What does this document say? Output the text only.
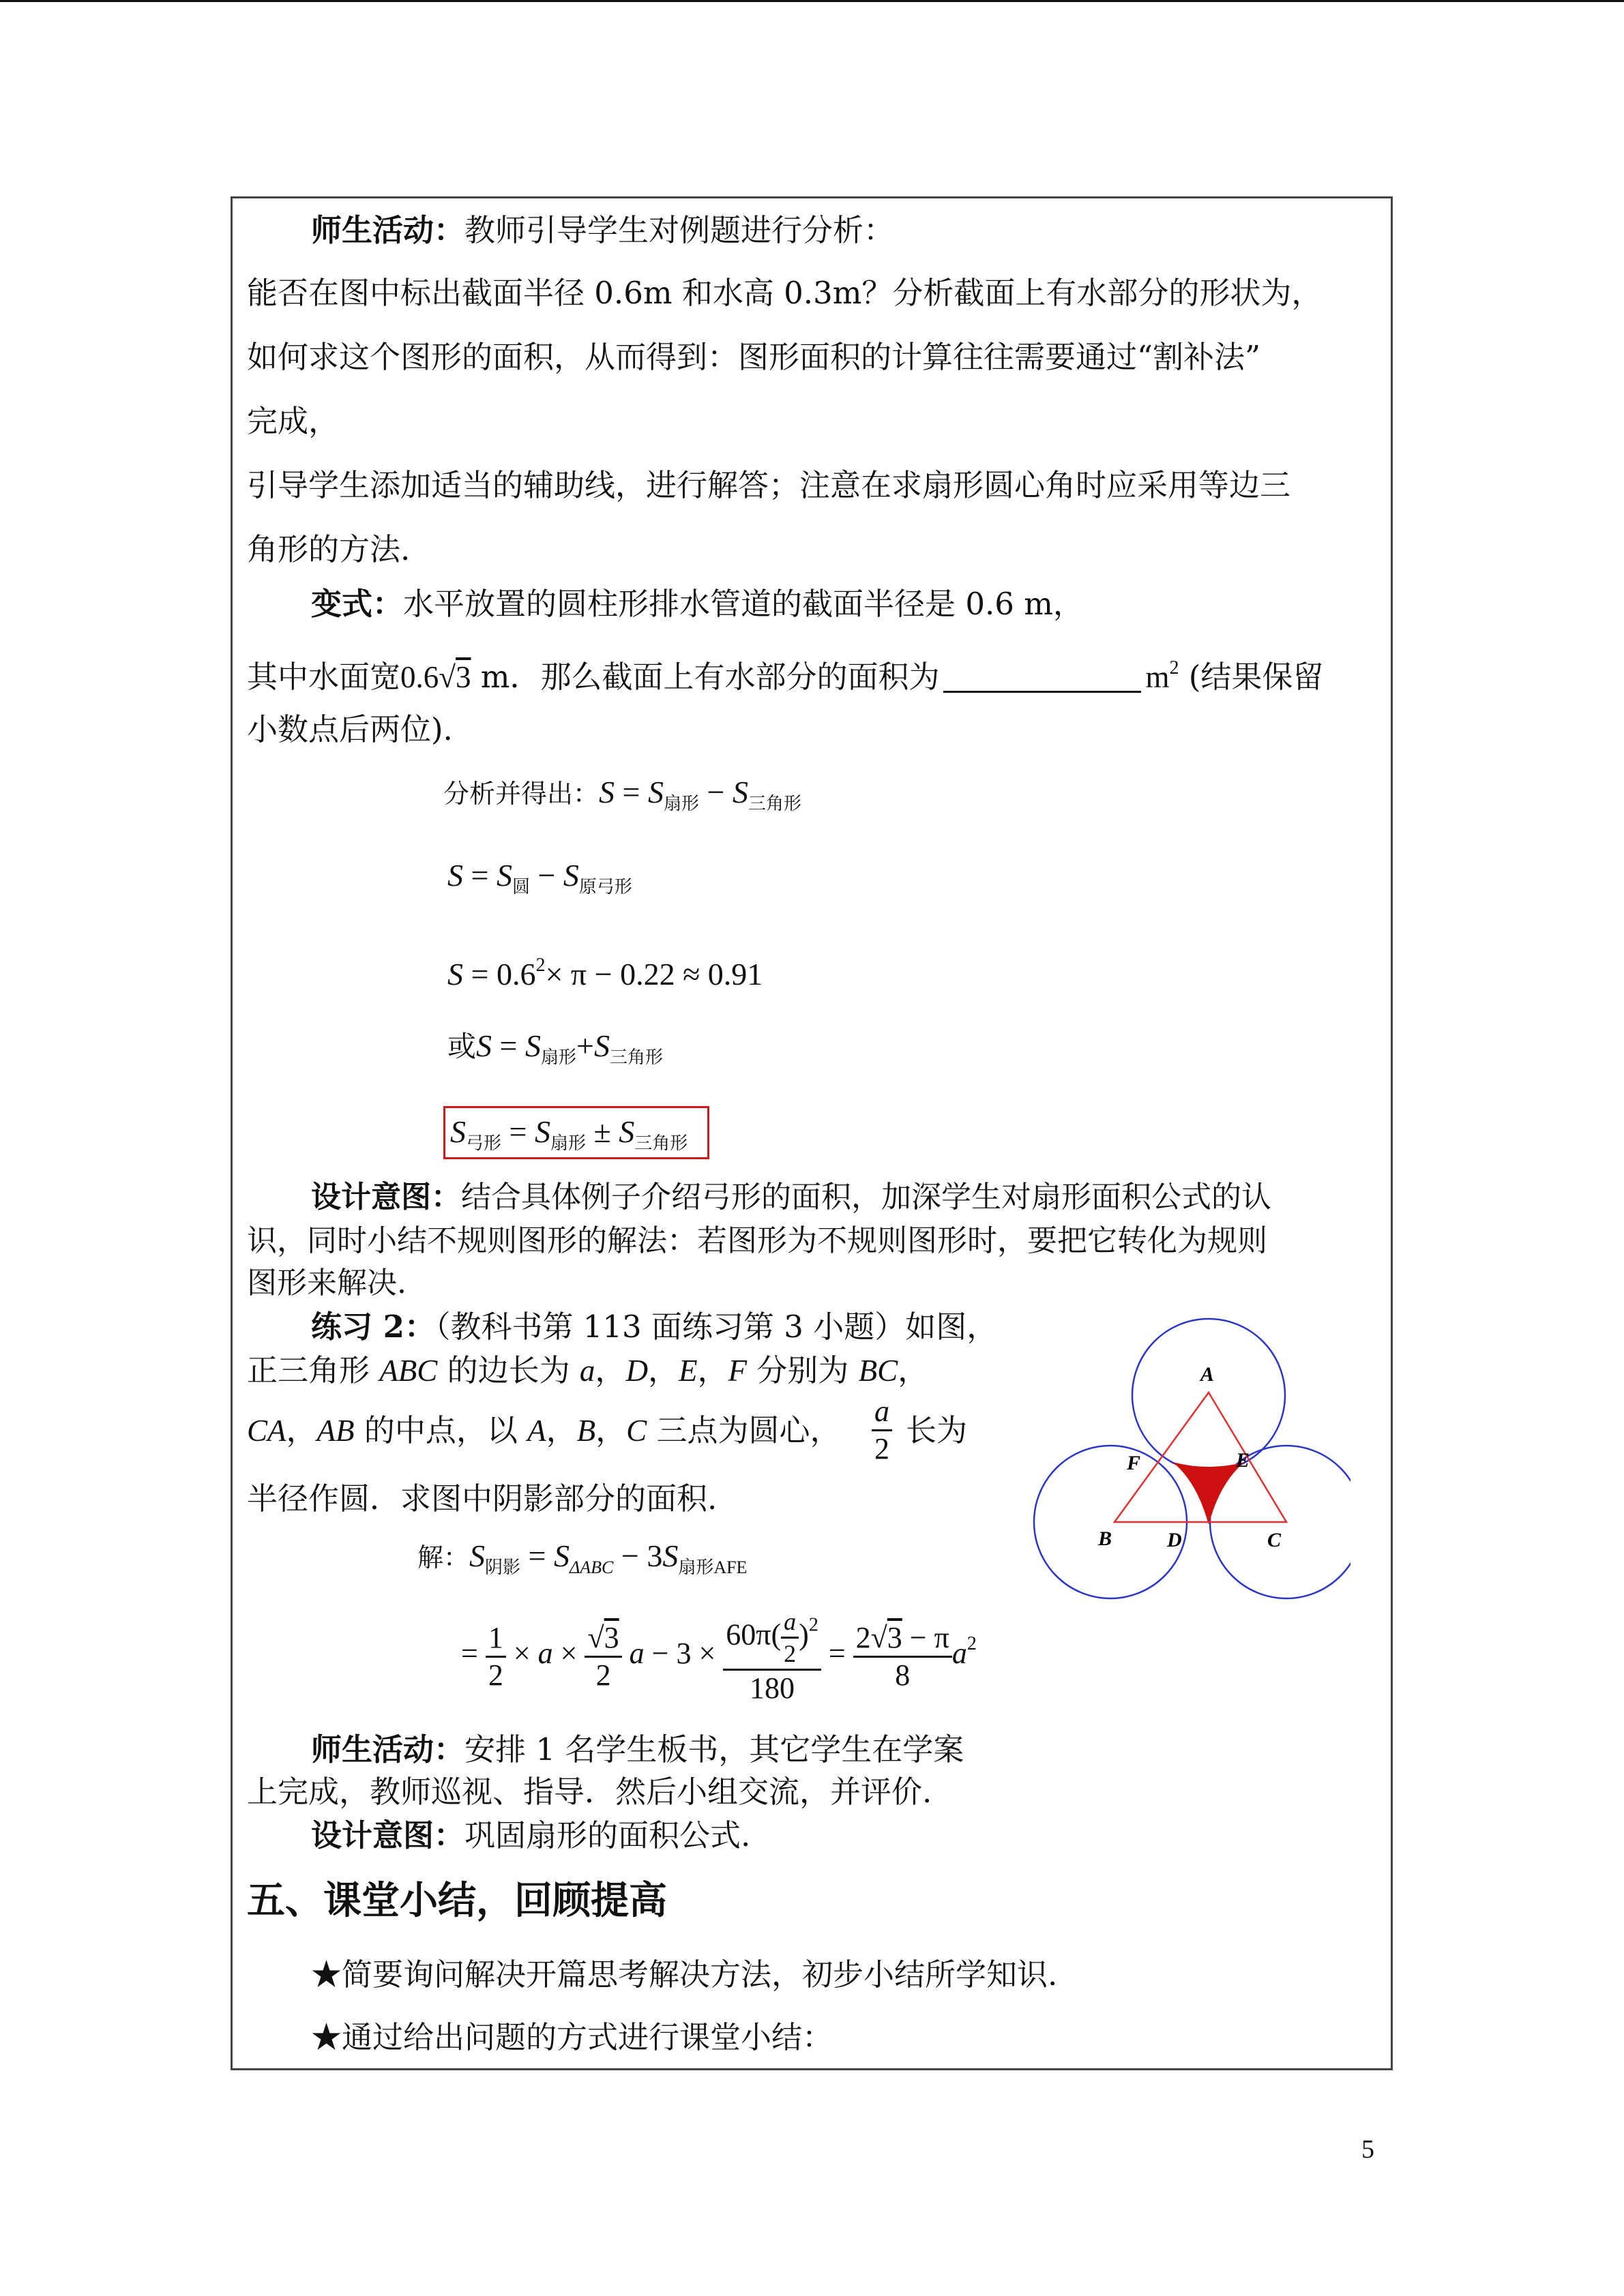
师生活动：教师引导学生对例题进行分析：
能否在图中标出截面半径 0.6m 和水高 0.3m？分析截面上有水部分的形状为，
如何求这个图形的面积，从而得到：图形面积的计算往往需要通过“割补法”
完成，
引导学生添加适当的辅助线，进行解答；注意在求扇形圆心角时应采用等边三
角形的方法.
变式：水平放置的圆柱形排水管道的截面半径是 0.6 m，
其中水面宽0.6√3 m．那么截面上有水部分的面积为	$m^2$ (结果保留
小数点后两位).
分析并得出：$S = S_{扇形} - S_{三角形}$
$S = S_圆 - S_{原弓形}$
$S = 0.6^2\times \pi - 0.22 \approx 0.91$
或$S = S_{扇形}+S_{三角形}$
$S_{弓形} = S_{扇形} \pm S_{三角形}$
设计意图：结合具体例子介绍弓形的面积，加深学生对扇形面积公式的认
识，同时小结不规则图形的解法：若图形为不规则图形时，要把它转化为规则
图形来解决.
练习 2：（教科书第 113 面练习第 3 小题）如图，
正三角形 ABC 的边长为 a，D，E，F 分别为 BC，
CA，AB 的中点，以 A，B，C 三点为圆心， $\frac{a}{2}$ 长为
半径作圆．求图中阴影部分的面积.
解：$S_{阴影} = S_{\Delta ABC} - 3S_{扇形AFE}$
= $\frac{1}{2} \times a \times \frac{√3}{2}$ $a - 3 \times \frac{60\pi( \frac{a}{2} )^2}{180} = \frac{2√3 - \pi}{8} a^2$
师生活动：安排 1 名学生板书，其它学生在学案
上完成，教师巡视、指导．然后小组交流，并评价.
设计意图：巩固扇形的面积公式.
五、课堂小结，回顾提高
★简要询问解决开篇思考解决方法，初步小结所学知识.
★通过给出问题的方式进行课堂小结：
A
B	C
D
E
F
5
